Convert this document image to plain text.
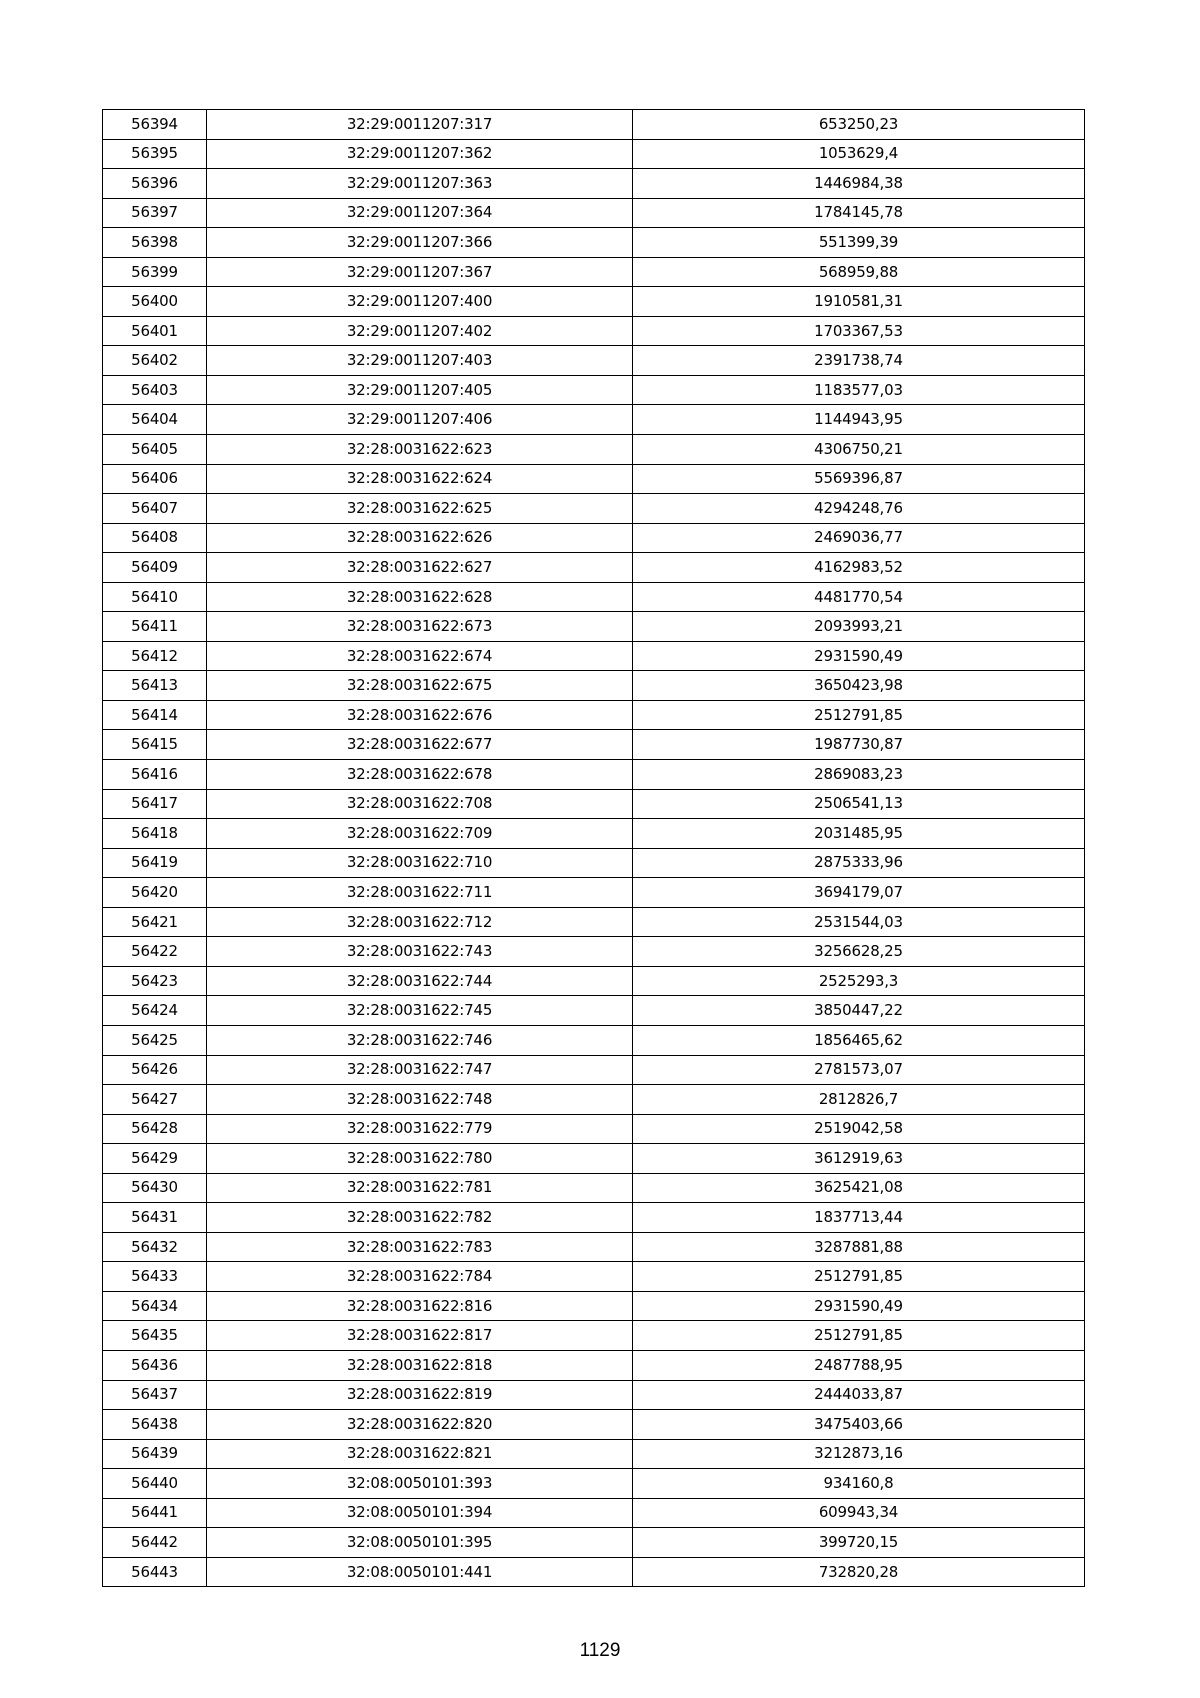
56394	32:29:0011207:317	653250,23
56395	32:29:0011207:362	1053629,4
56396	32:29:0011207:363	1446984,38
56397	32:29:0011207:364	1784145,78
56398	32:29:0011207:366	551399,39
56399	32:29:0011207:367	568959,88
56400	32:29:0011207:400	1910581,31
56401	32:29:0011207:402	1703367,53
56402	32:29:0011207:403	2391738,74
56403	32:29:0011207:405	1183577,03
56404	32:29:0011207:406	1144943,95
56405	32:28:0031622:623	4306750,21
56406	32:28:0031622:624	5569396,87
56407	32:28:0031622:625	4294248,76
56408	32:28:0031622:626	2469036,77
56409	32:28:0031622:627	4162983,52
56410	32:28:0031622:628	4481770,54
56411	32:28:0031622:673	2093993,21
56412	32:28:0031622:674	2931590,49
56413	32:28:0031622:675	3650423,98
56414	32:28:0031622:676	2512791,85
56415	32:28:0031622:677	1987730,87
56416	32:28:0031622:678	2869083,23
56417	32:28:0031622:708	2506541,13
56418	32:28:0031622:709	2031485,95
56419	32:28:0031622:710	2875333,96
56420	32:28:0031622:711	3694179,07
56421	32:28:0031622:712	2531544,03
56422	32:28:0031622:743	3256628,25
56423	32:28:0031622:744	2525293,3
56424	32:28:0031622:745	3850447,22
56425	32:28:0031622:746	1856465,62
56426	32:28:0031622:747	2781573,07
56427	32:28:0031622:748	2812826,7
56428	32:28:0031622:779	2519042,58
56429	32:28:0031622:780	3612919,63
56430	32:28:0031622:781	3625421,08
56431	32:28:0031622:782	1837713,44
56432	32:28:0031622:783	3287881,88
56433	32:28:0031622:784	2512791,85
56434	32:28:0031622:816	2931590,49
56435	32:28:0031622:817	2512791,85
56436	32:28:0031622:818	2487788,95
56437	32:28:0031622:819	2444033,87
56438	32:28:0031622:820	3475403,66
56439	32:28:0031622:821	3212873,16
56440	32:08:0050101:393	934160,8
56441	32:08:0050101:394	609943,34
56442	32:08:0050101:395	399720,15
56443	32:08:0050101:441	732820,28
1129
